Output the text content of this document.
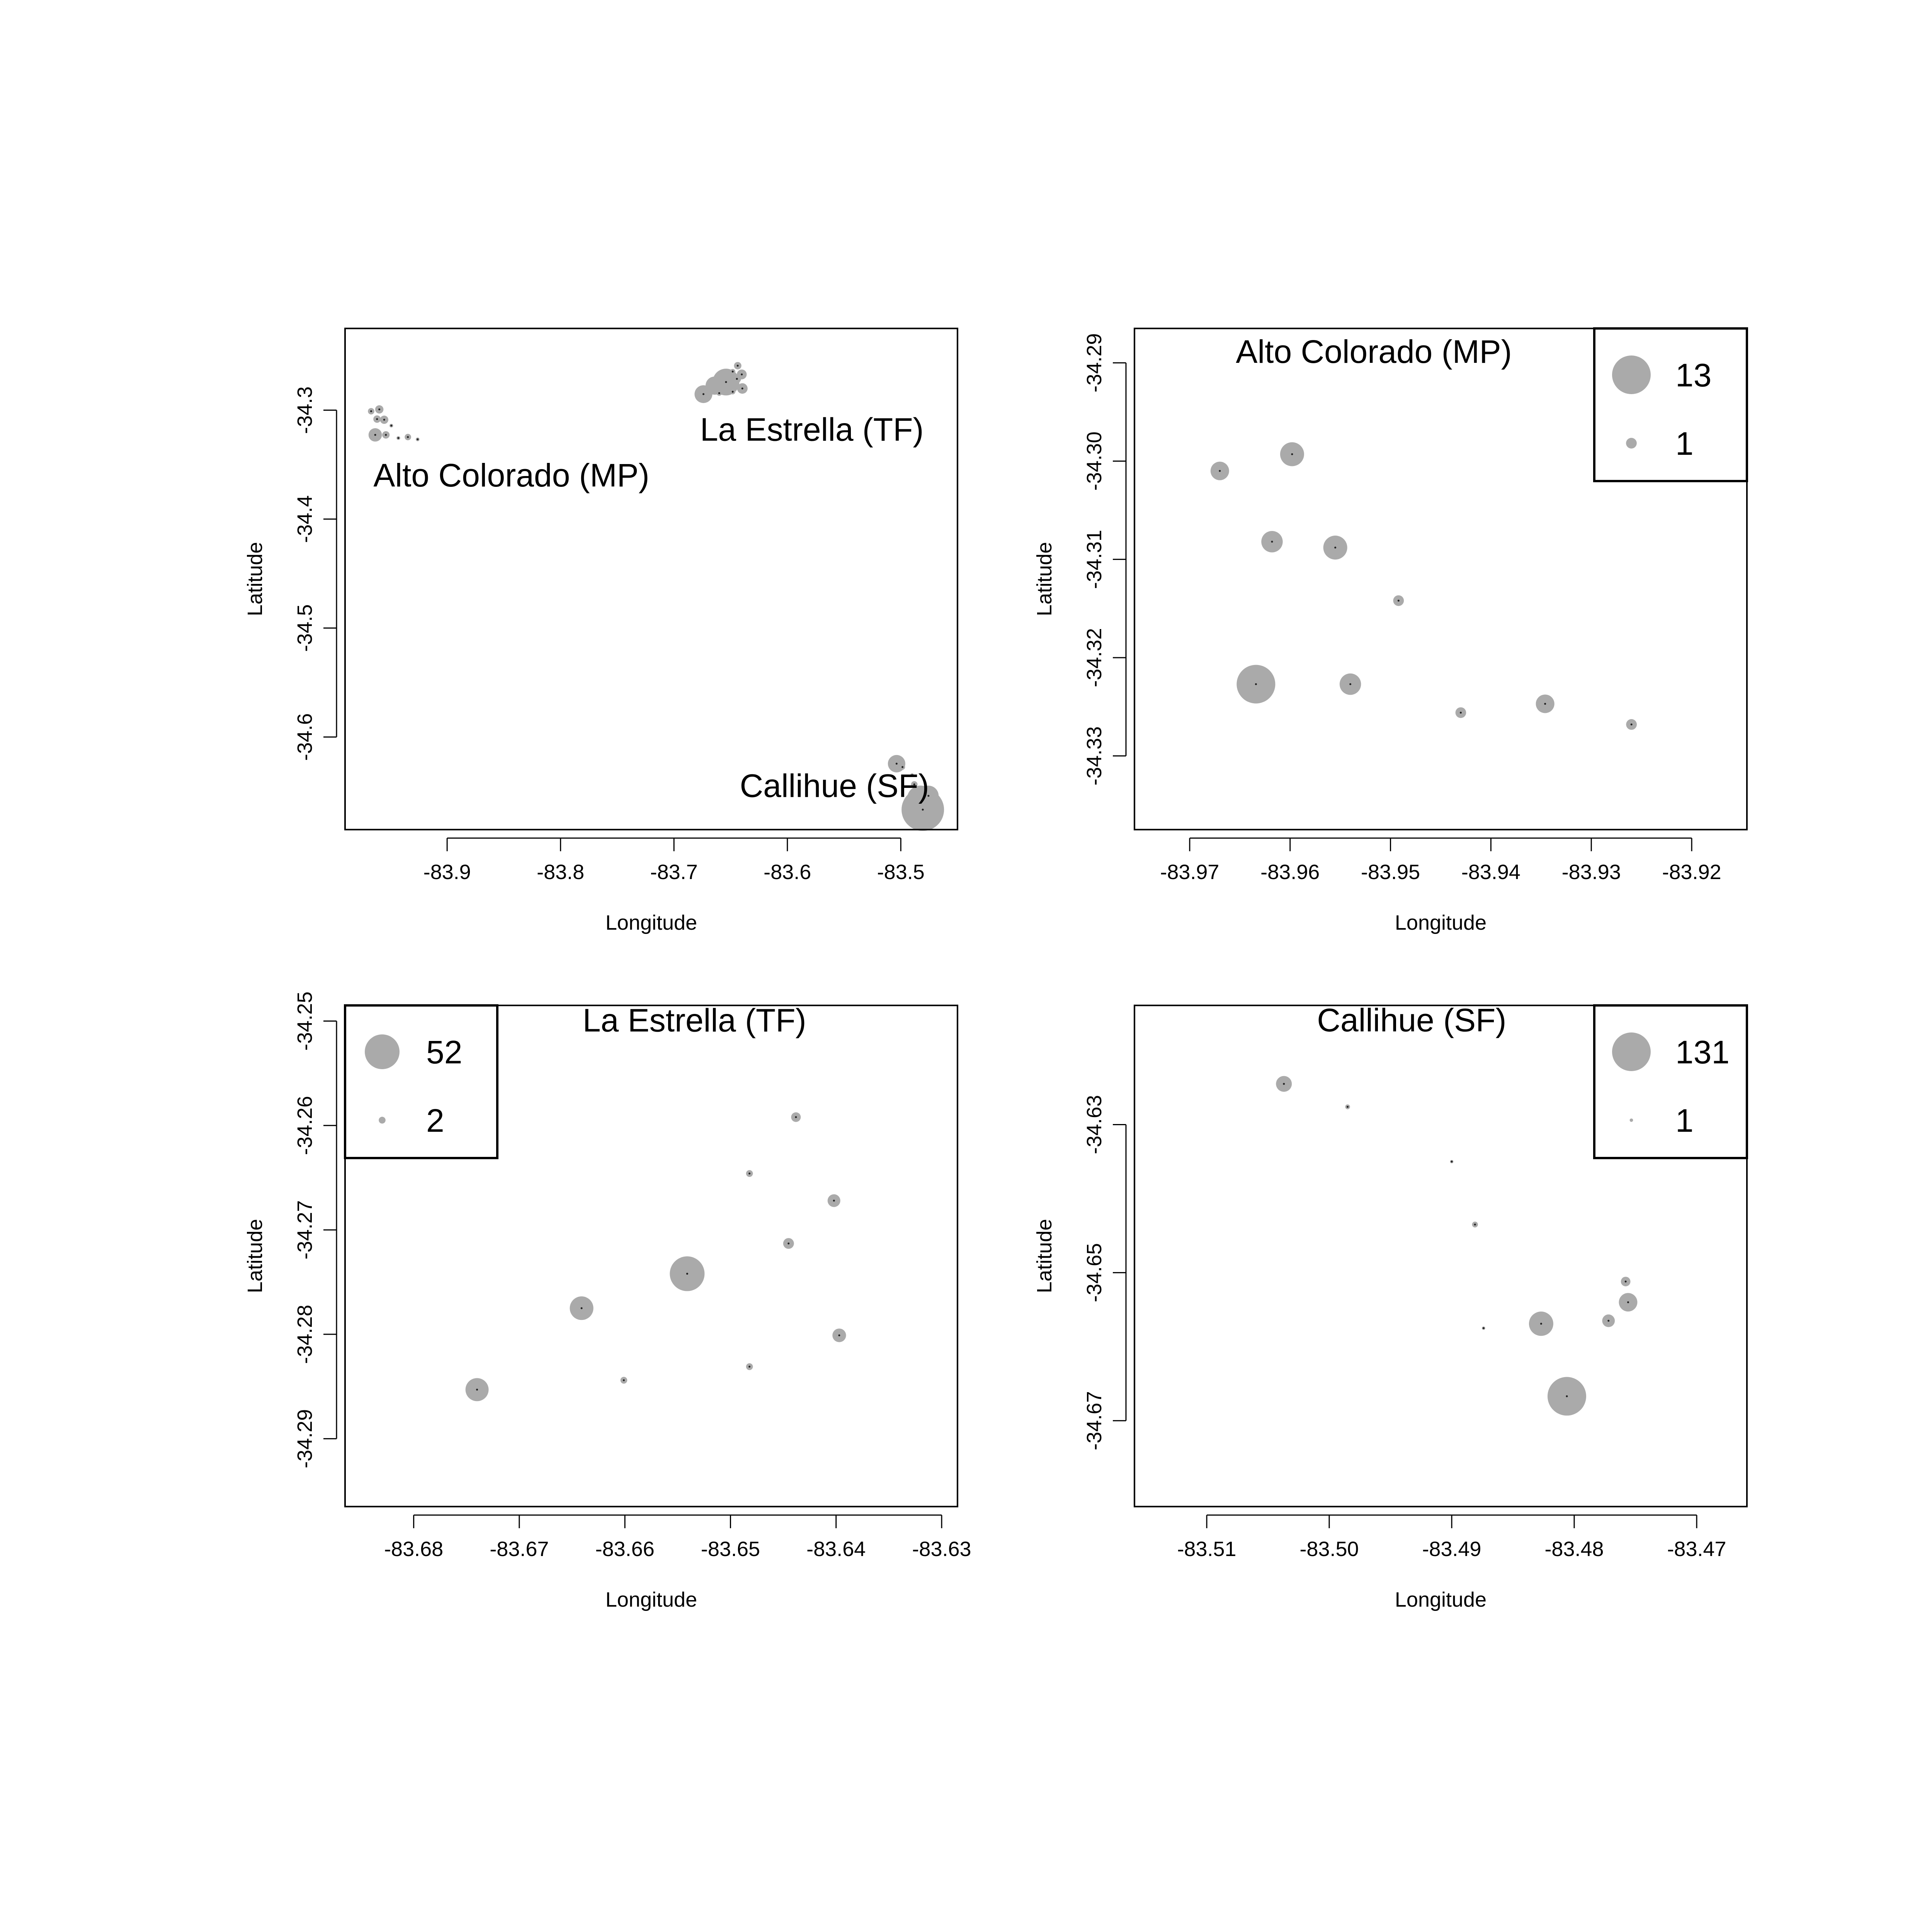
-83.9	-83.8	-83.7	-83.6	-83.5
Longitude
-34.3
-34.4
-34.5
-34.6
Latitude
Alto Colorado (MP)
La Estrella (TF)
Callihue (SF)
-83.97 -83.96 -83.95 -83.94 -83.93 -83.92
Longitude
-34.29
-34.30
-34.31
-34.32
-34.33
Latitude
Alto Colorado (MP)
13
1
-83.68 -83.67 -83.66 -83.65 -83.64 -83.63
Longitude
-34.25
-34.26
-34.27
-34.28
-34.29
Latitude
La Estrella (TF)
52
2
-83.51	-83.50	-83.49	-83.48	-83.47
Longitude
-34.63
-34.65
-34.67
Latitude
Callihue (SF)
131
1
